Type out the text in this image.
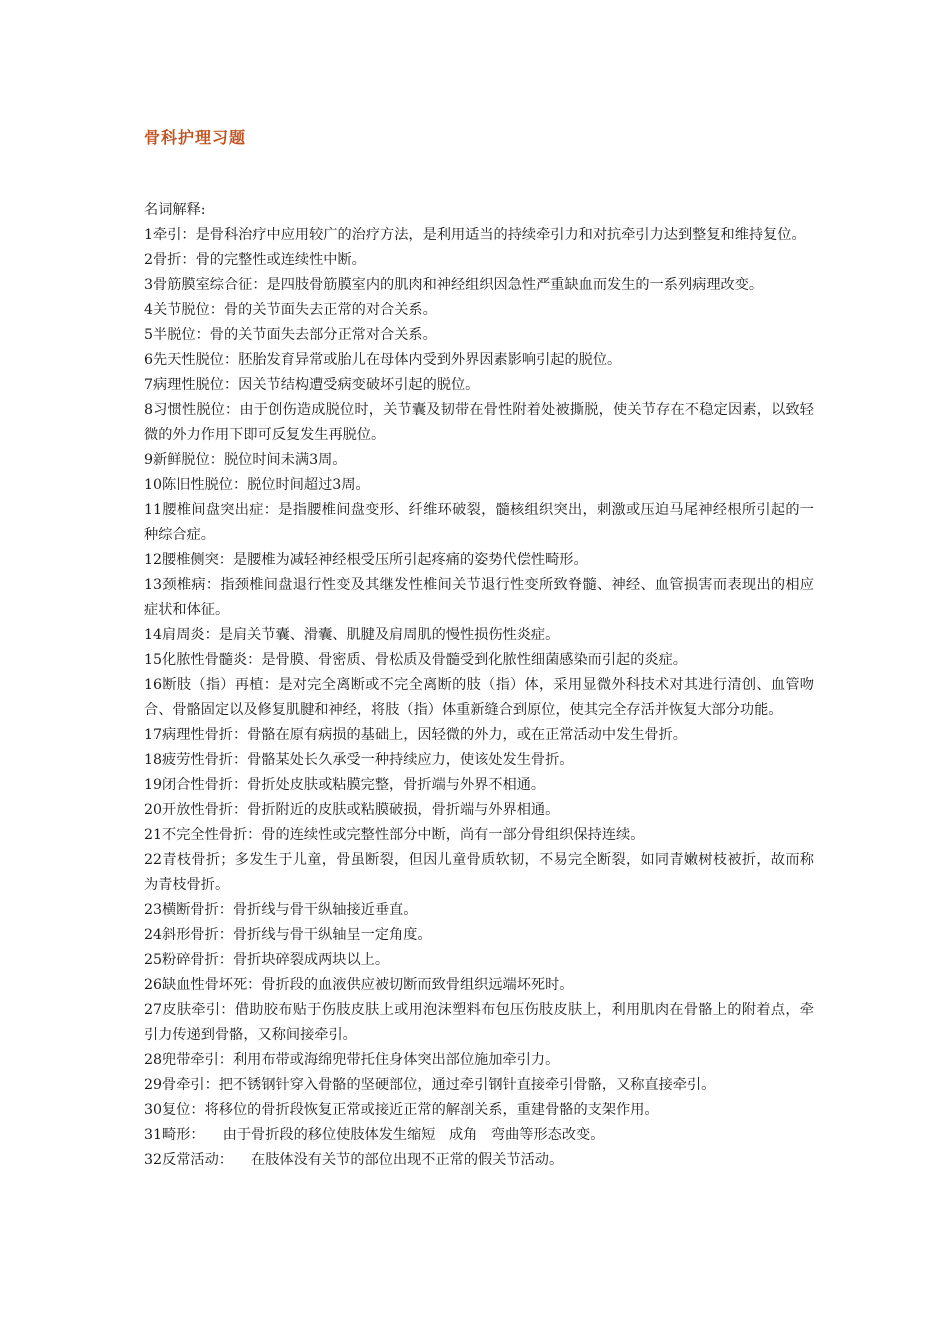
骨科护理习题
名词解释:
1牵引：是骨科治疗中应用较广的治疗方法，是利用适当的持续牵引力和对抗牵引力达到整复和维持复位。
2骨折：骨的完整性或连续性中断。
3骨筋膜室综合征：是四肢骨筋膜室内的肌肉和神经组织因急性严重缺血而发生的一系列病理改变。
4关节脱位：骨的关节面失去正常的对合关系。
5半脱位：骨的关节面失去部分正常对合关系。
6先天性脱位：胚胎发育异常或胎儿在母体内受到外界因素影响引起的脱位。
7病理性脱位：因关节结构遭受病变破坏引起的脱位。
8习惯性脱位：由于创伤造成脱位时，关节囊及韧带在骨性附着处被撕脱，使关节存在不稳定因素，以致轻微的外力作用下即可反复发生再脱位。
9新鲜脱位：脱位时间未满3周。
10陈旧性脱位：脱位时间超过3周。
11腰椎间盘突出症：是指腰椎间盘变形、纤维环破裂，髓核组织突出，刺激或压迫马尾神经根所引起的一种综合症。
12腰椎侧突：是腰椎为减轻神经根受压所引起疼痛的姿势代偿性畸形。
13颈椎病：指颈椎间盘退行性变及其继发性椎间关节退行性变所致脊髓、神经、血管损害而表现出的相应症状和体征。
14肩周炎：是肩关节囊、滑囊、肌腱及肩周肌的慢性损伤性炎症。
15化脓性骨髓炎：是骨膜、骨密质、骨松质及骨髓受到化脓性细菌感染而引起的炎症。
16断肢（指）再植：是对完全离断或不完全离断的肢（指）体，采用显微外科技术对其进行清创、血管吻合、骨骼固定以及修复肌腱和神经，将肢（指）体重新缝合到原位，使其完全存活并恢复大部分功能。
17病理性骨折：骨骼在原有病损的基础上，因轻微的外力，或在正常活动中发生骨折。
18疲劳性骨折：骨骼某处长久承受一种持续应力，使该处发生骨折。
19闭合性骨折：骨折处皮肤或粘膜完整，骨折端与外界不相通。
20开放性骨折：骨折附近的皮肤或粘膜破损，骨折端与外界相通。
21不完全性骨折：骨的连续性或完整性部分中断，尚有一部分骨组织保持连续。
22青枝骨折；多发生于儿童，骨虽断裂，但因儿童骨质软韧，不易完全断裂，如同青嫩树枝被折，故而称为青枝骨折。
23横断骨折：骨折线与骨干纵轴接近垂直。
24斜形骨折：骨折线与骨干纵轴呈一定角度。
25粉碎骨折：骨折块碎裂成两块以上。
26缺血性骨坏死：骨折段的血液供应被切断而致骨组织远端坏死时。
27皮肤牵引：借助胶布贴于伤肢皮肤上或用泡沫塑料布包压伤肢皮肤上，利用肌肉在骨骼上的附着点，牵引力传递到骨骼，又称间接牵引。
28兜带牵引：利用布带或海绵兜带托住身体突出部位施加牵引力。
29骨牵引：把不锈钢针穿入骨骼的坚硬部位，通过牵引钢针直接牵引骨骼，又称直接牵引。
30复位：将移位的骨折段恢复正常或接近正常的解剖关系，重建骨骼的支架作用。
31畸形：    由于骨折段的移位使肢体发生缩短   成角   弯曲等形态改变。
32反常活动：    在肢体没有关节的部位出现不正常的假关节活动。
